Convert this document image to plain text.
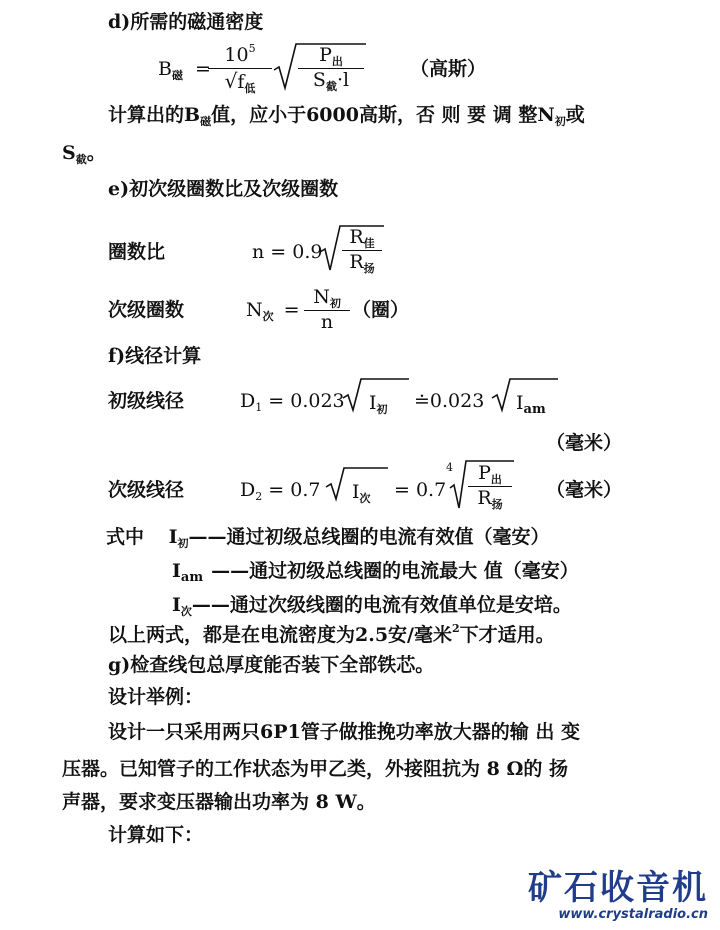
d)所需的磁通密度
$B_磁$ =
$10^5$
$√f_低$
$P_出$
$S_截\cdot l$	（高斯）
计算出的$B_磁$值，应小于6000高斯，否 则 要 调 整$N_初$或
$S_截$。
e)初次级圈数比及次级圈数
圈数比	n = 0.9
$R_佳$
$R_扬$
次级圈数	$N_次$ =
$N_初$
n
（圈）
f)线径计算
初级线径	$D_1 = 0.023$ $I_初$ ≐0.023 $I_{am}$
（毫米）
次级线径	$D_2 = 0.7$ $I_次 = 0.7$
4	$P_出$
$R_扬$
（毫米）
式中 $I_初——$通过初级总线圈的电流有效值（毫安）
$I_{am}$ ——通过初级总线圈的电流最大 值（毫安）
$I_次——$通过次级线圈的电流有效值单位是安培。
以上两式，都是在电流密度为2.5安/毫米$^2$下才适用。
g)检查线包总厚度能否装下全部铁芯。
设计举例：
设计一只采用两只6P1管子做推挽功率放大器的输 出 变
压器。已知管子的工作状态为甲乙类，外接阻抗为 8 Ω的 扬
声器，要求变压器输出功率为 8 W。
计算如下：
矿石收音机
www.crystalradio.cn
